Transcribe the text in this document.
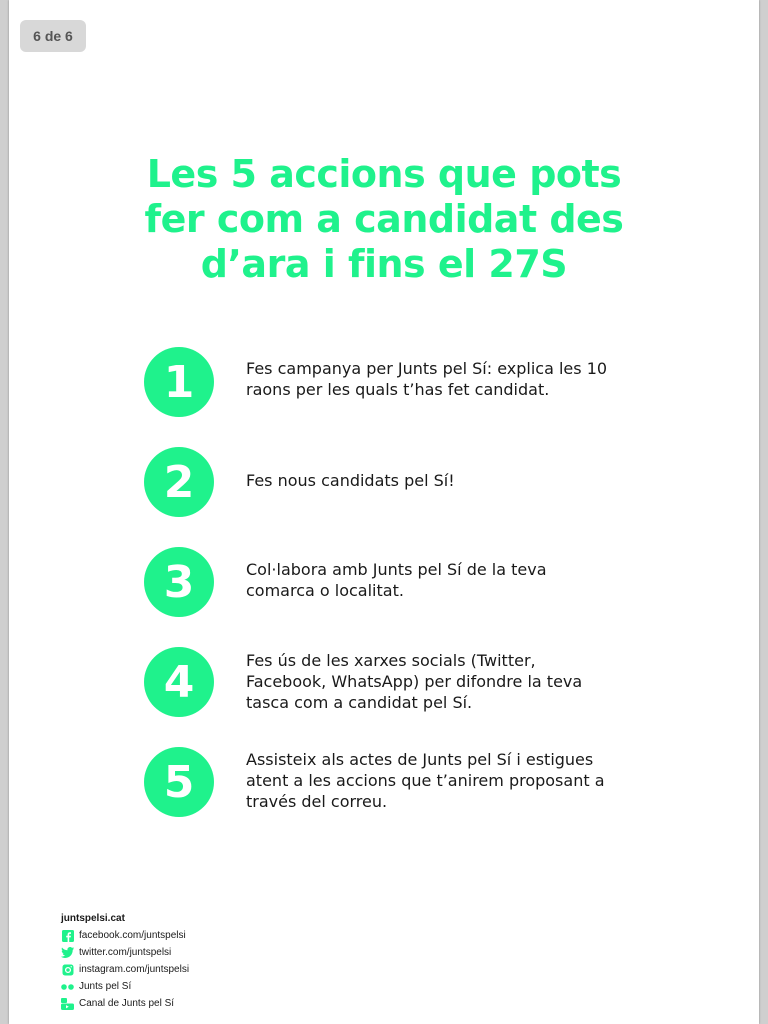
6 de 6
Les 5 accions que pots
fer com a candidat des
d’ara i fins el 27S
1	Fes campanya per Junts pel Sí: explica les 10
raons per les quals t’has fet candidat.
2	Fes nous candidats pel Sí!
3	Col·labora amb Junts pel Sí de la teva
comarca o localitat.
4	Fes ús de les xarxes socials (Twitter,
Facebook, WhatsApp) per difondre la teva
tasca com a candidat pel Sí.
5	Assisteix als actes de Junts pel Sí i estigues
atent a les accions que t’anirem proposant a
través del correu.
juntspelsi.cat
facebook.com/juntspelsi
twitter.com/juntspelsi
instagram.com/juntspelsi
Junts pel Sí
Canal de Junts pel Sí
